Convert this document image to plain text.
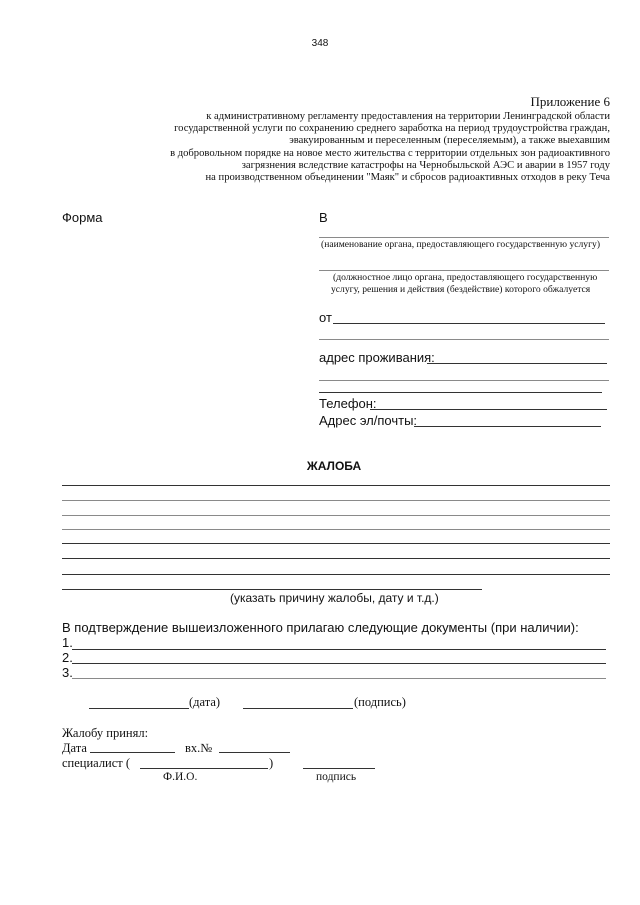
348
Приложение 6
к административному регламенту предоставления на территории Ленинградской области
государственной услуги по сохранению среднего заработка на период трудоустройства граждан,
эвакуированным и переселенным (переселяемым), а также выехавшим
в добровольном порядке на новое место жительства с территории отдельных зон радиоактивного
загрязнения вследствие катастрофы на Чернобыльской АЭС и аварии в 1957 году
на производственном объединении "Маяк" и сбросов радиоактивных отходов в реку Теча
Форма	В
(наименование органа, предоставляющего государственную услугу)
(должностное лицо органа, предоставляющего государственную
услугу, решения и действия (бездействие) которого обжалуется
от
адрес проживания:
Телефон:
Адрес эл/почты:
ЖАЛОБА
(указать причину жалобы, дату и т.д.)
В подтверждение вышеизложенного прилагаю следующие документы (при наличии):
1.
2.
3.
(дата)	(подпись)
Жалобу принял:
Дата	вх.№
специалист (	)
Ф.И.О.	подпись
